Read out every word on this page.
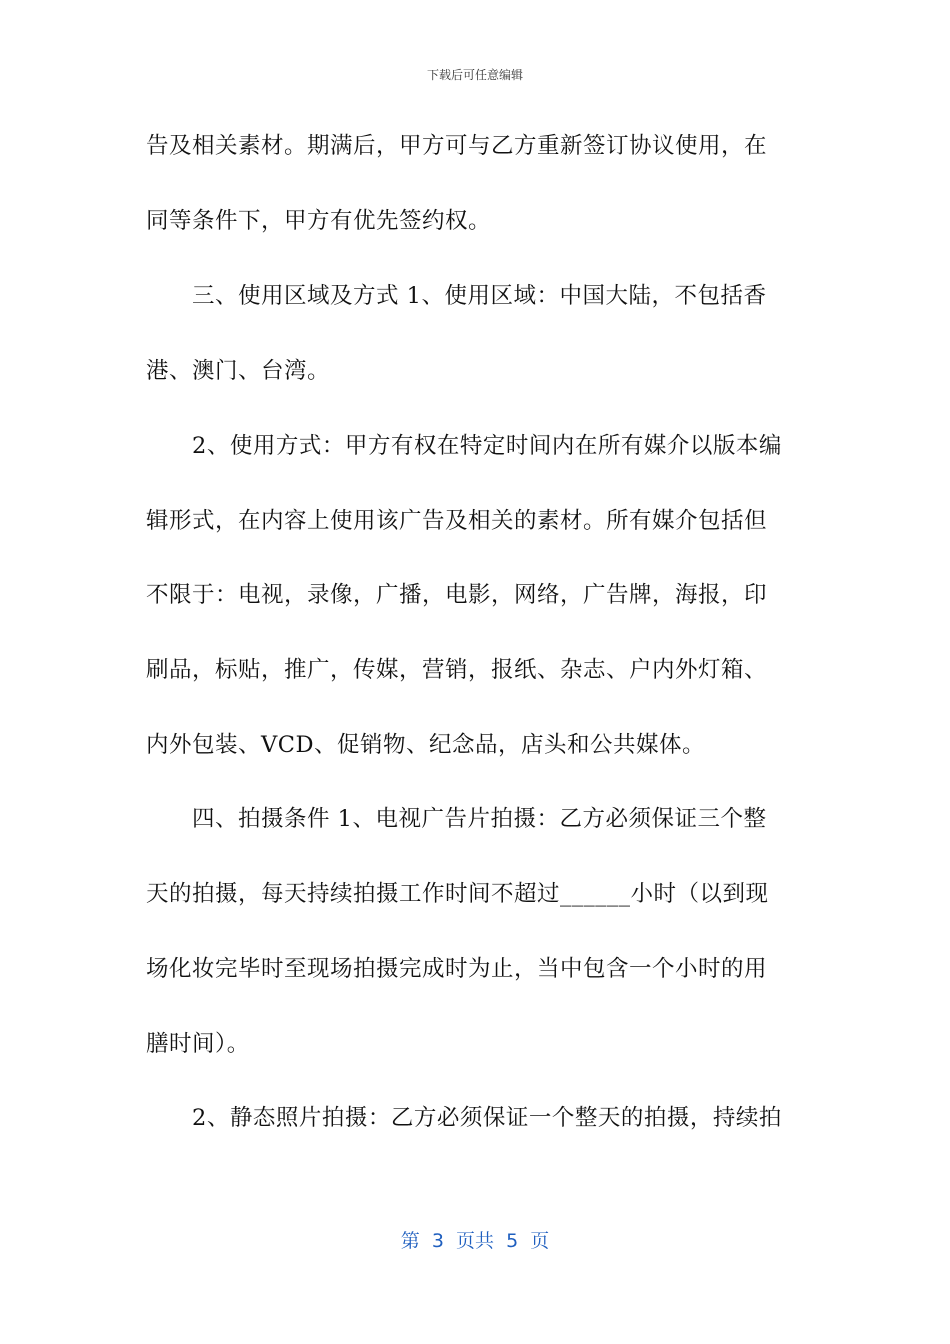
下载后可任意编辑
告及相关素材。期满后，甲方可与乙方重新签订协议使用，在
同等条件下，甲方有优先签约权。
三、使用区域及方式 1、使用区域：中国大陆，不包括香
港、澳门、台湾。
2、使用方式：甲方有权在特定时间内在所有媒介以版本编
辑形式，在内容上使用该广告及相关的素材。所有媒介包括但
不限于：电视，录像，广播，电影，网络，广告牌，海报，印
刷品，标贴，推广，传媒，营销，报纸、杂志、户内外灯箱、
内外包装、VCD、促销物、纪念品，店头和公共媒体。
四、拍摄条件 1、电视广告片拍摄：乙方必须保证三个整
天的拍摄，每天持续拍摄工作时间不超过______小时（以到现
场化妆完毕时至现场拍摄完成时为止，当中包含一个小时的用
膳时间）。
2、静态照片拍摄：乙方必须保证一个整天的拍摄，持续拍
第  3  页共  5  页
